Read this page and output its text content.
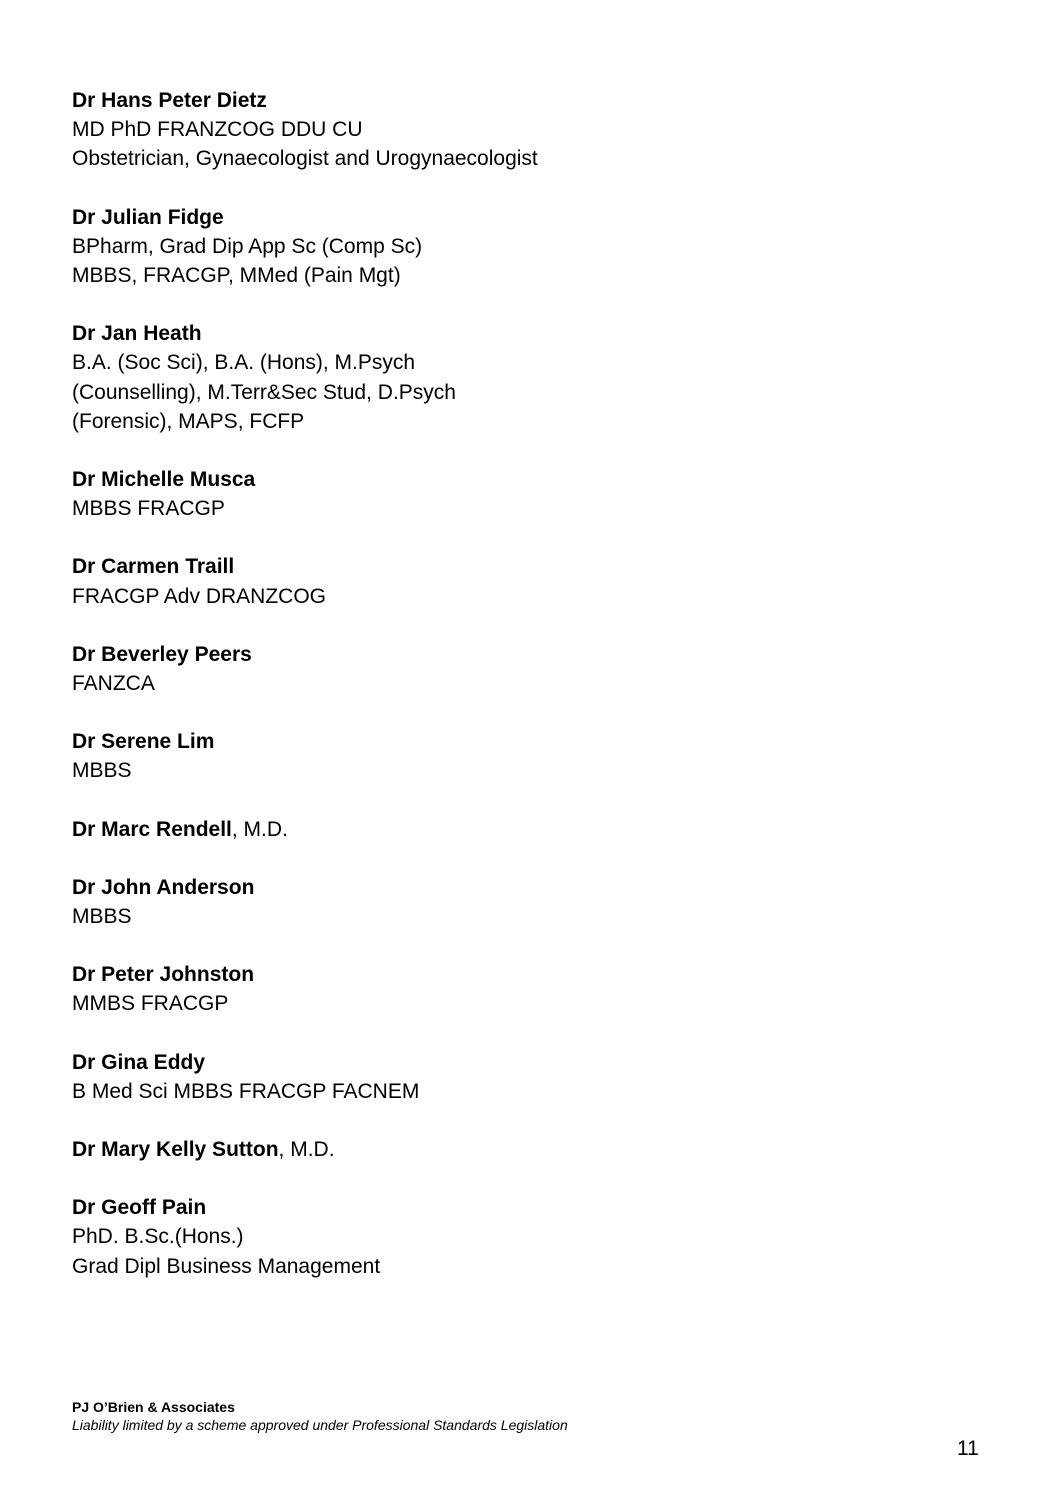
Dr Hans Peter Dietz
MD PhD FRANZCOG DDU CU
Obstetrician, Gynaecologist and Urogynaecologist
Dr Julian Fidge
BPharm, Grad Dip App Sc (Comp Sc)
MBBS, FRACGP, MMed (Pain Mgt)
Dr Jan Heath
B.A. (Soc Sci), B.A. (Hons), M.Psych
(Counselling), M.Terr&Sec Stud, D.Psych
(Forensic), MAPS, FCFP
Dr Michelle Musca
MBBS FRACGP
Dr Carmen Traill
FRACGP Adv DRANZCOG
Dr Beverley Peers
FANZCA
Dr Serene Lim
MBBS
Dr Marc Rendell, M.D.
Dr John Anderson
MBBS
Dr Peter Johnston
MMBS FRACGP
Dr Gina Eddy
B Med Sci MBBS FRACGP FACNEM
Dr Mary Kelly Sutton, M.D.
Dr Geoff Pain
PhD. B.Sc.(Hons.)
Grad Dipl Business Management
PJ O’Brien & Associates
Liability limited by a scheme approved under Professional Standards Legislation
11
